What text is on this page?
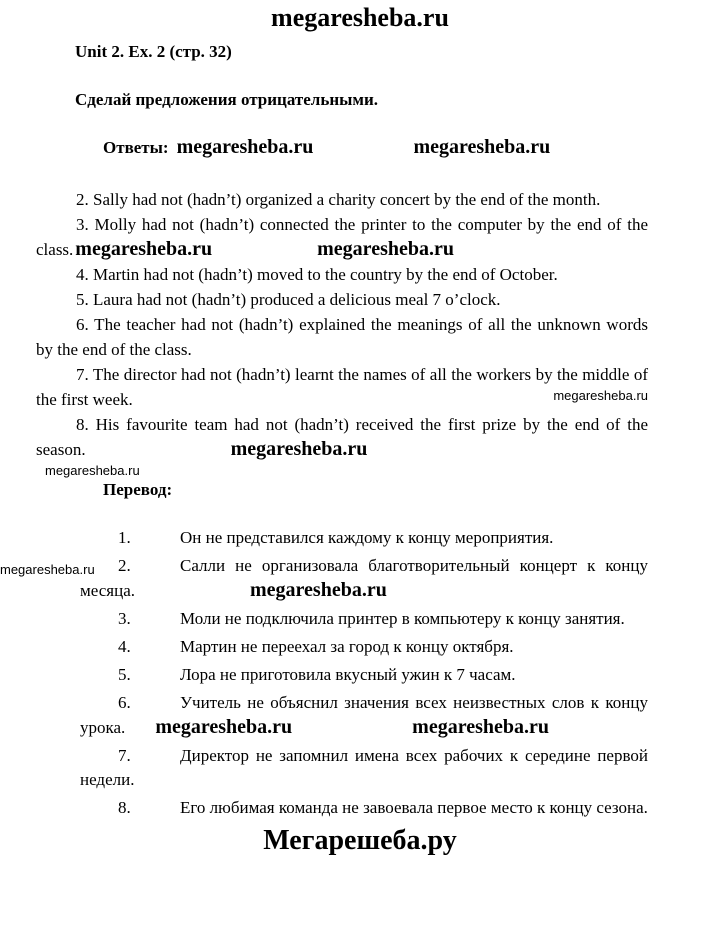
megaresheba.ru
Unit 2. Ex. 2 (стр. 32)
Сделай предложения отрицательными.
Ответы: megaresheba.ru	megaresheba.ru

2. Sally had not (hadn’t) organized a charity concert by the end of the month.

3. Molly had not (hadn’t) connected the printer to the computer by the end of the class. megaresheba.ru	megaresheba.ru

4. Martin had not (hadn’t) moved to the country by the end of October.

5. Laura had not (hadn’t) produced a delicious meal 7 o’clock.

6. The teacher had not (hadn’t) explained the meanings of all the unknown words by the end of the class.

7. The director had not (hadn’t) learnt the names of all the workers by the middle of the first week.	megaresheba.ru

8. His favourite team had not (hadn’t) received the first prize by the end of the season.	megaresheba.ru

megaresheba.ru
Перевод:
megaresheba.ru

1.	Он не представился каждому к концу мероприятия.

2.	Салли не организовала благотворительный концерт к концу месяца.	megaresheba.ru

3.	Моли не подключила принтер в компьютеру к концу занятия.

4.	Мартин не переехал за город к концу октября.

5.	Лора не приготовила вкусный ужин к 7 часам.

6.	Учитель не объяснил значения всех неизвестных слов к концу урока. megaresheba.ru	megaresheba.ru

7.	Директор не запомнил имена всех рабочих к середине первой недели.

8.	Его любимая команда не завоевала первое место к концу сезона.

Мегарешеба.ру
